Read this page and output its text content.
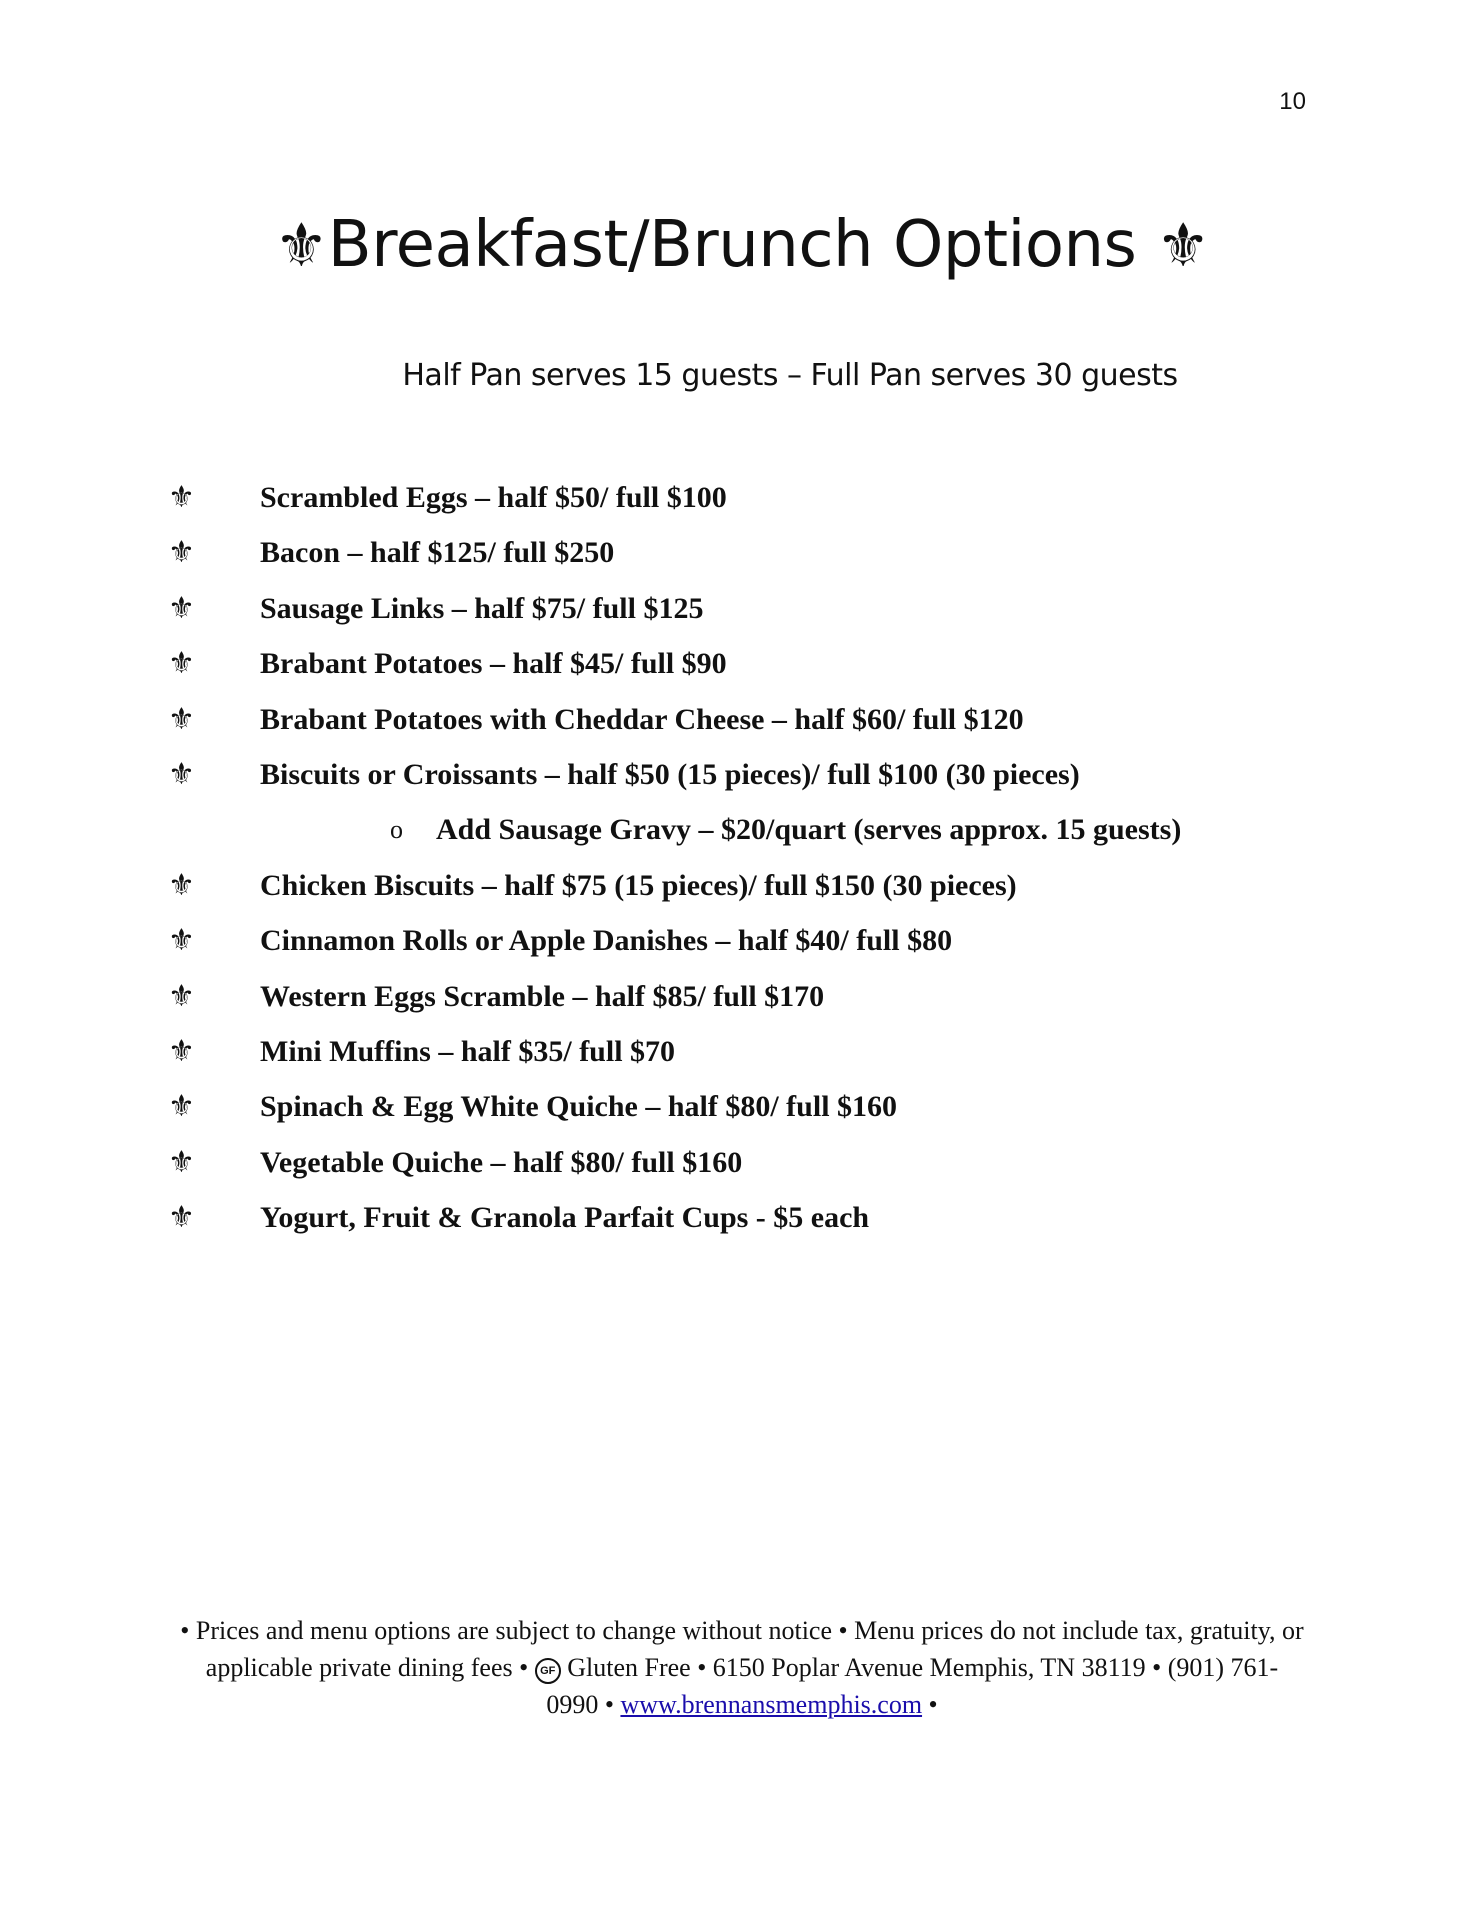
10
⚜Breakfast/Brunch Options ⚜
Half Pan serves 15 guests – Full Pan serves 30 guests
⚜ Scrambled Eggs – half $50/ full $100
⚜ Bacon – half $125/ full $250
⚜ Sausage Links – half $75/ full $125
⚜ Brabant Potatoes – half $45/ full $90
⚜ Brabant Potatoes with Cheddar Cheese – half $60/ full $120
⚜ Biscuits or Croissants – half $50 (15 pieces)/ full $100 (30 pieces)
o	Add Sausage Gravy – $20/quart (serves approx. 15 guests)
⚜ Chicken Biscuits – half $75 (15 pieces)/ full $150 (30 pieces)
⚜ Cinnamon Rolls or Apple Danishes – half $40/ full $80
⚜ Western Eggs Scramble – half $85/ full $170
⚜ Mini Muffins – half $35/ full $70
⚜ Spinach & Egg White Quiche – half $80/ full $160
⚜ Vegetable Quiche – half $80/ full $160
⚜ Yogurt, Fruit & Granola Parfait Cups - $5 each
• Prices and menu options are subject to change without notice • Menu prices do not include tax, gratuity, or applicable private dining fees • GF Gluten Free • 6150 Poplar Avenue Memphis, TN 38119 • (901) 761-0990 • www.brennansmemphis.com •
